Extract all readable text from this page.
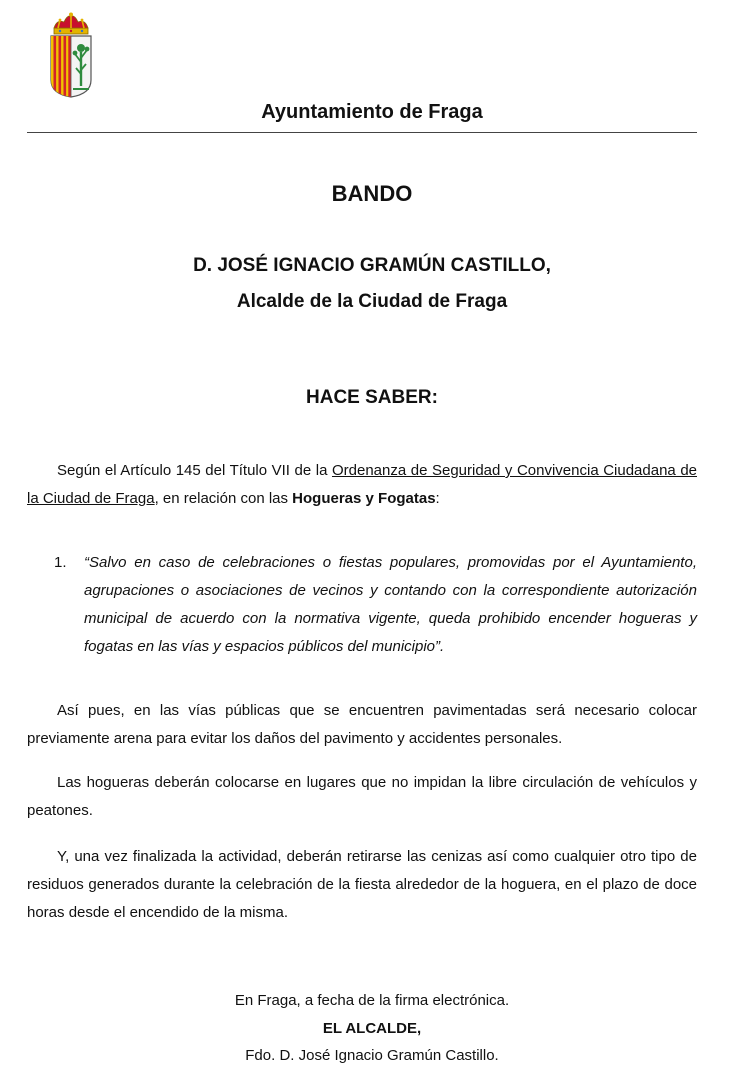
Ayuntamiento de Fraga
BANDO
D. JOSÉ IGNACIO GRAMÚN CASTILLO,
Alcalde de la Ciudad de Fraga
HACE SABER:

Según el Artículo 145 del Título VII de la Ordenanza de Seguridad y Convivencia Ciudadana de la Ciudad de Fraga, en relación con las Hogueras y Fogatas:

1. “Salvo en caso de celebraciones o fiestas populares, promovidas por el Ayuntamiento, agrupaciones o asociaciones de vecinos y contando con la correspondiente autorización municipal de acuerdo con la normativa vigente, queda prohibido encender hogueras y fogatas en las vías y espacios públicos del municipio”.

Así pues, en las vías públicas que se encuentren pavimentadas será necesario colocar previamente arena para evitar los daños del pavimento y accidentes personales.

Las hogueras deberán colocarse en lugares que no impidan la libre circulación de vehículos y peatones.

Y, una vez finalizada la actividad, deberán retirarse las cenizas así como cualquier otro tipo de residuos generados durante la celebración de la fiesta alrededor de la hoguera, en el plazo de doce horas desde el encendido de la misma.

En Fraga, a fecha de la firma electrónica.
EL ALCALDE,
Fdo. D. José Ignacio Gramún Castillo.
